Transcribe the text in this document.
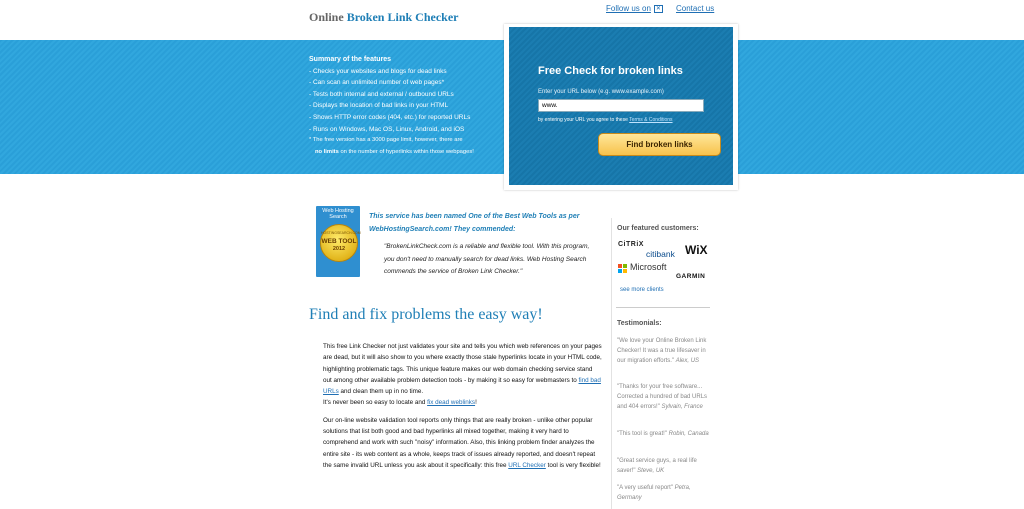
Online Broken Link Checker
Follow us on ✕ Contact us
Summary of the features
- Checks your websites and blogs for dead links
- Can scan an unlimited number of web pages*
- Tests both internal and external / outbound URLs
- Displays the location of bad links in your HTML
- Shows HTTP error codes (404, etc.) for reported URLs
- Runs on Windows, Mac OS, Linux, Android, and iOS
* The free version has a 3000 page limit, however, there are
no limits on the number of hyperlinks within those webpages!
Free Check for broken links
Enter your URL below (e.g. www.example.com)
www.
by entering your URL you agree to these Terms & Conditions
Find broken links
Web Hosting Search
HOSTINGSEARCH.COM
WEB TOOL
2012
This service has been named One of the Best Web Tools as per WebHostingSearch.com! They commended:
"BrokenLinkCheck.com is a reliable and flexible tool. With this program, you don't need to manually search for dead links. Web Hosting Search commends the service of Broken Link Checker."
Find and fix problems the easy way!

This free Link Checker not just validates your site and tells you which web references on your pages are dead, but it will also show to you where exactly those stale hyperlinks locate in your HTML code, highlighting problematic tags. This unique feature makes our web domain checking service stand out among other available problem detection tools - by making it so easy for webmasters to find bad URLs and clean them up in no time.
It's never been so easy to locate and fix dead weblinks!

Our on-line website validation tool reports only things that are really broken - unlike other popular solutions that list both good and bad hyperlinks all mixed together, making it very hard to comprehend and work with such "noisy" information. Also, this linking problem finder analyzes the entire site - its web content as a whole, keeps track of issues already reported, and doesn't repeat the same invalid URL unless you ask about it specifically: this free URL Checker tool is very flexible!

Our featured customers:
CiTRiX
citibank WiX
Microsoft
GARMIN
see more clients
Testimonials:
"We love your Online Broken Link Checker! It was a true lifesaver in our migration efforts." Alex, US
"Thanks for your free software... Corrected a hundred of bad URLs and 404 errors!" Sylvain, France
"This tool is great!" Robin, Canada
"Great service guys, a real life saver!" Steve, UK
"A very useful report" Petra, Germany
